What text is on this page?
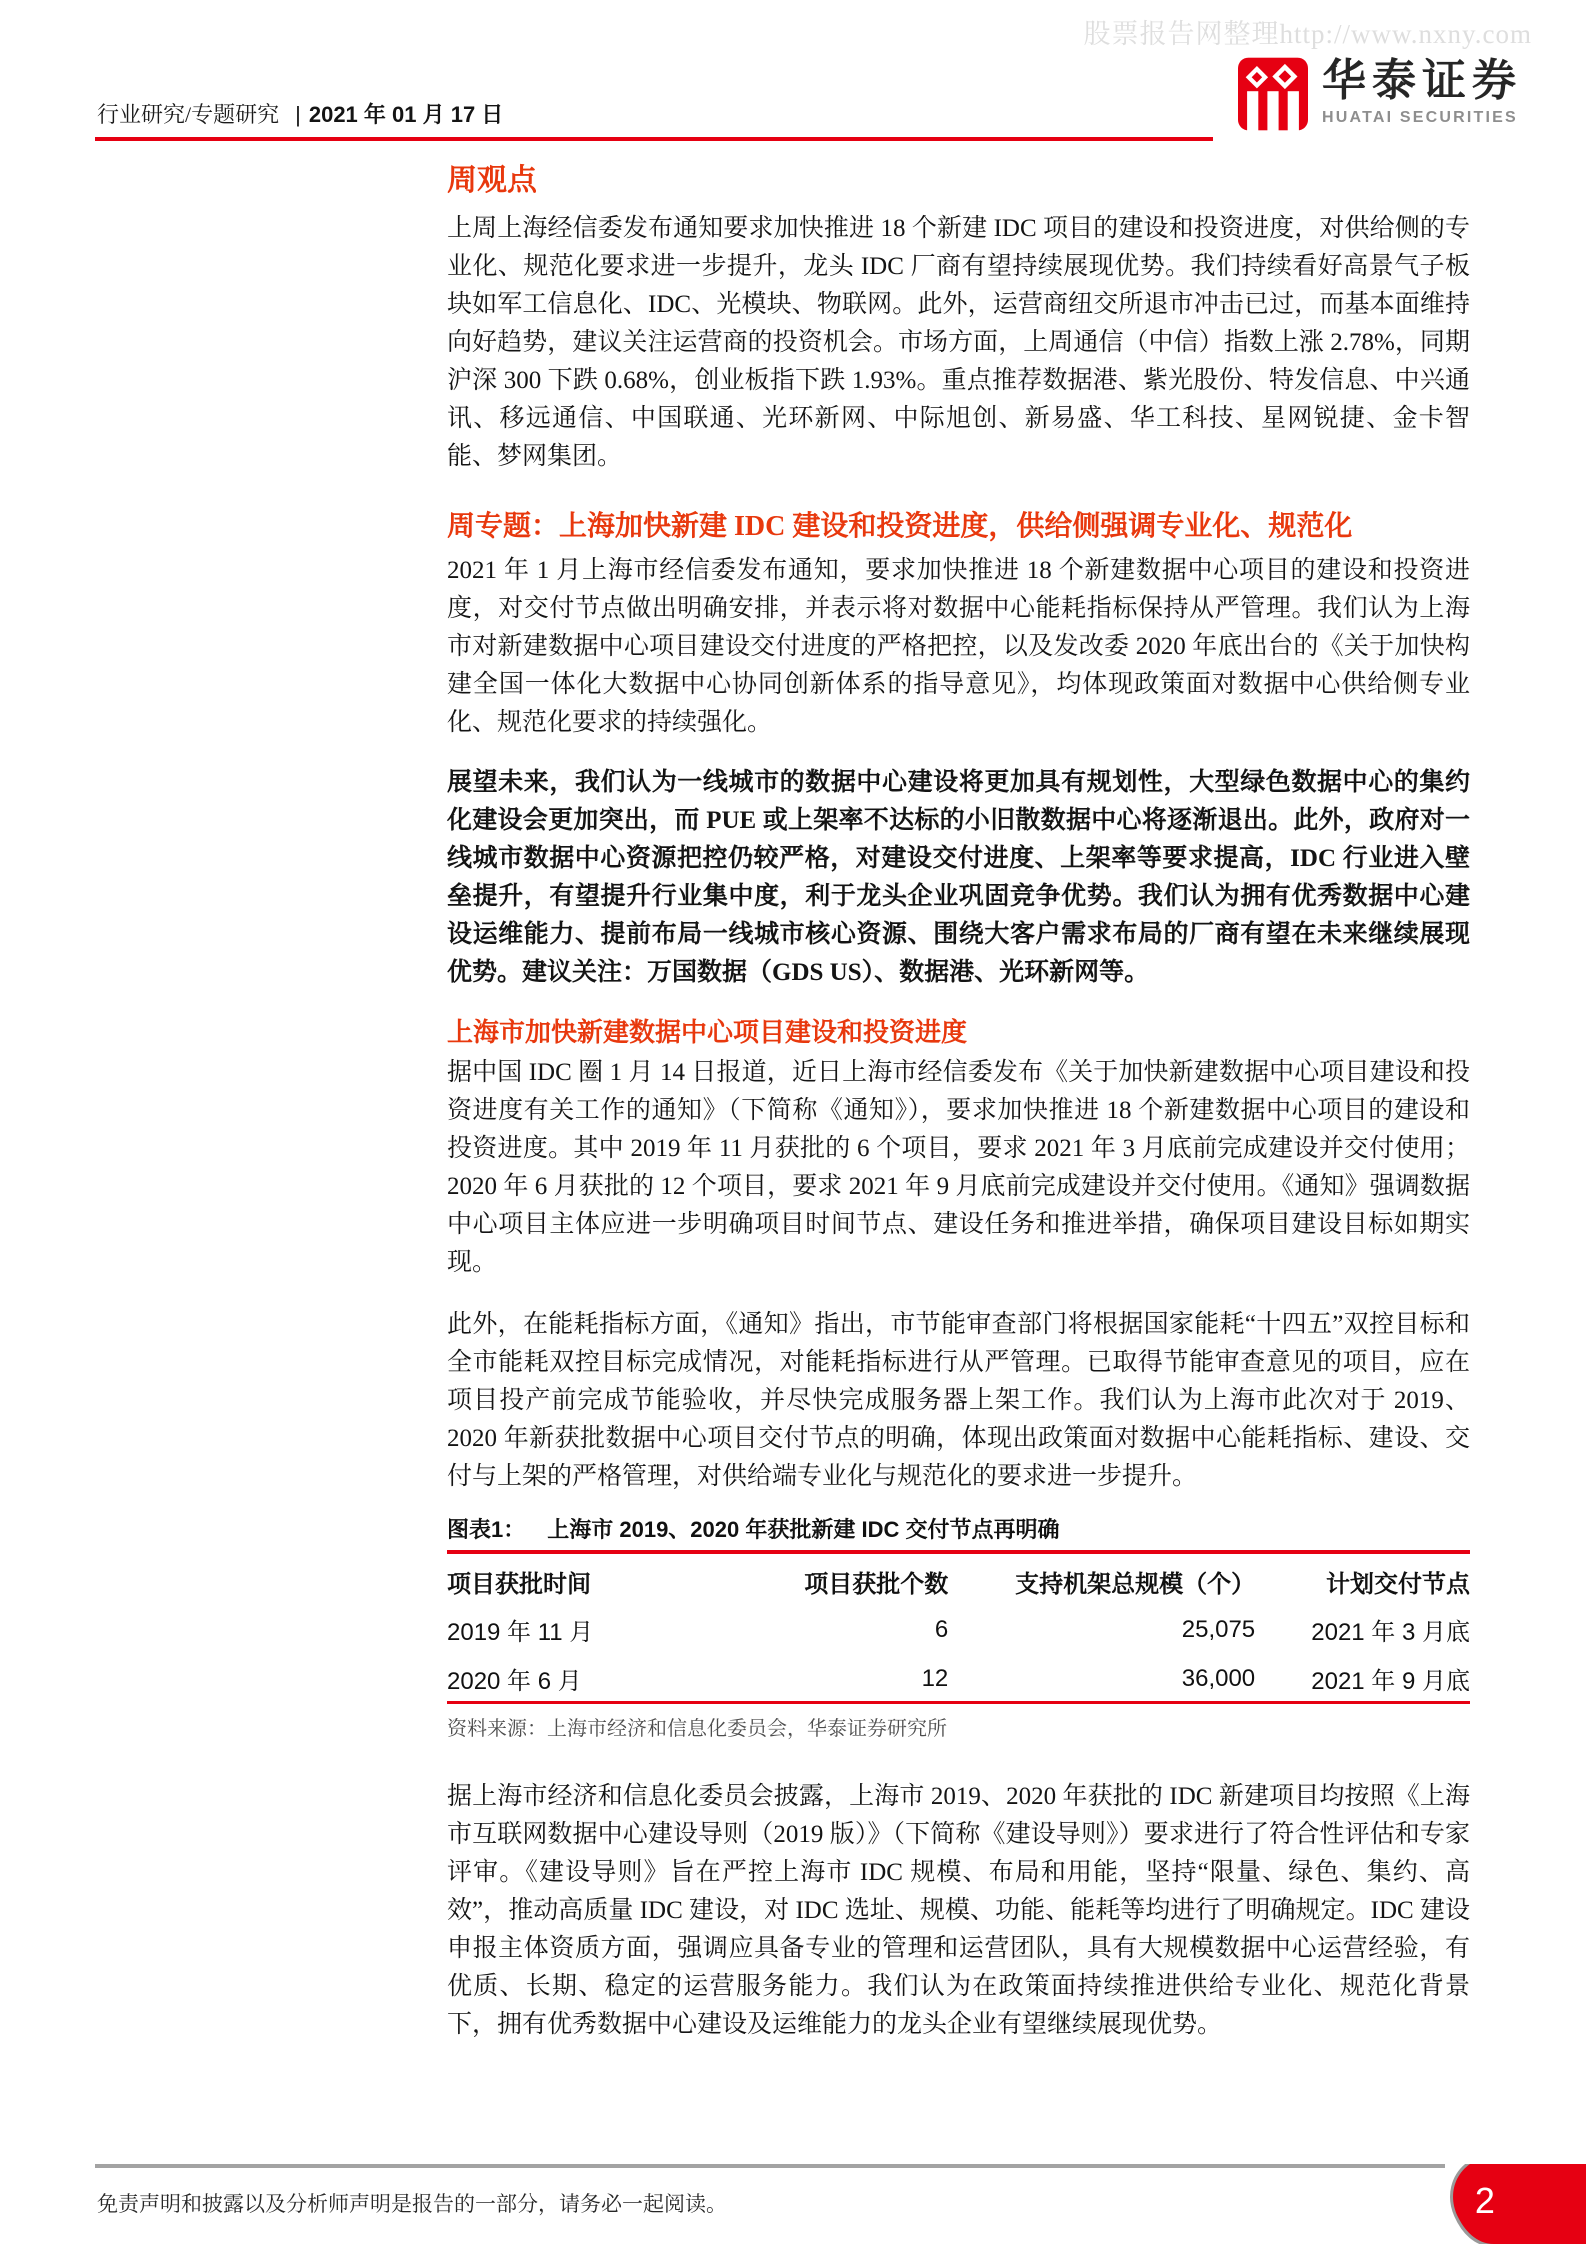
股票报告网整理http://www.nxny.com
行业研究/专题研究 | 2021 年 01 月 17 日
华泰证券
HUATAI SECURITIES
周观点

上周上海经信委发布通知要求加快推进 18 个新建 IDC 项目的建设和投资进度，对供给侧的专业化、规范化要求进一步提升，龙头 IDC 厂商有望持续展现优势。我们持续看好高景气子板块如军工信息化、IDC、光模块、物联网。此外，运营商纽交所退市冲击已过，而基本面维持向好趋势，建议关注运营商的投资机会。市场方面，上周通信（中信）指数上涨 2.78%，同期沪深 300 下跌 0.68%，创业板指下跌 1.93%。重点推荐数据港、紫光股份、特发信息、中兴通讯、移远通信、中国联通、光环新网、中际旭创、新易盛、华工科技、星网锐捷、金卡智能、梦网集团。

周专题：上海加快新建 IDC 建设和投资进度，供给侧强调专业化、规范化

2021 年 1 月上海市经信委发布通知，要求加快推进 18 个新建数据中心项目的建设和投资进度，对交付节点做出明确安排，并表示将对数据中心能耗指标保持从严管理。我们认为上海市对新建数据中心项目建设交付进度的严格把控，以及发改委 2020 年底出台的《关于加快构建全国一体化大数据中心协同创新体系的指导意见》，均体现政策面对数据中心供给侧专业化、规范化要求的持续强化。

展望未来，我们认为一线城市的数据中心建设将更加具有规划性，大型绿色数据中心的集约化建设会更加突出，而 PUE 或上架率不达标的小旧散数据中心将逐渐退出。此外，政府对一线城市数据中心资源把控仍较严格，对建设交付进度、上架率等要求提高，IDC 行业进入壁垒提升，有望提升行业集中度，利于龙头企业巩固竞争优势。我们认为拥有优秀数据中心建设运维能力、提前布局一线城市核心资源、围绕大客户需求布局的厂商有望在未来继续展现优势。建议关注：万国数据（GDS US）、数据港、光环新网等。

上海市加快新建数据中心项目建设和投资进度

据中国 IDC 圈 1 月 14 日报道，近日上海市经信委发布《关于加快新建数据中心项目建设和投资进度有关工作的通知》（下简称《通知》），要求加快推进 18 个新建数据中心项目的建设和投资进度。其中 2019 年 11 月获批的 6 个项目，要求 2021 年 3 月底前完成建设并交付使用；2020 年 6 月获批的 12 个项目，要求 2021 年 9 月底前完成建设并交付使用。《通知》强调数据中心项目主体应进一步明确项目时间节点、建设任务和推进举措，确保项目建设目标如期实现。

此外，在能耗指标方面，《通知》指出，市节能审查部门将根据国家能耗“十四五”双控目标和全市能耗双控目标完成情况，对能耗指标进行从严管理。已取得节能审查意见的项目，应在项目投产前完成节能验收，并尽快完成服务器上架工作。我们认为上海市此次对于 2019、2020 年新获批数据中心项目交付节点的明确，体现出政策面对数据中心能耗指标、建设、交付与上架的严格管理，对供给端专业化与规范化的要求进一步提升。

图表1： 上海市 2019、2020 年获批新建 IDC 交付节点再明确
项目获批时间	项目获批个数	支持机架总规模（个）	计划交付节点
2019 年 11 月	6	25,075	2021 年 3 月底
2020 年 6 月	12	36,000	2021 年 9 月底
资料来源：上海市经济和信息化委员会，华泰证券研究所

据上海市经济和信息化委员会披露，上海市 2019、2020 年获批的 IDC 新建项目均按照《上海市互联网数据中心建设导则（2019 版）》（下简称《建设导则》）要求进行了符合性评估和专家评审。《建设导则》旨在严控上海市 IDC 规模、布局和用能，坚持“限量、绿色、集约、高效”，推动高质量 IDC 建设，对 IDC 选址、规模、功能、能耗等均进行了明确规定。IDC 建设申报主体资质方面，强调应具备专业的管理和运营团队，具有大规模数据中心运营经验，有优质、长期、稳定的运营服务能力。我们认为在政策面持续推进供给专业化、规范化背景下，拥有优秀数据中心建设及运维能力的龙头企业有望继续展现优势。

免责声明和披露以及分析师声明是报告的一部分，请务必一起阅读。	2
